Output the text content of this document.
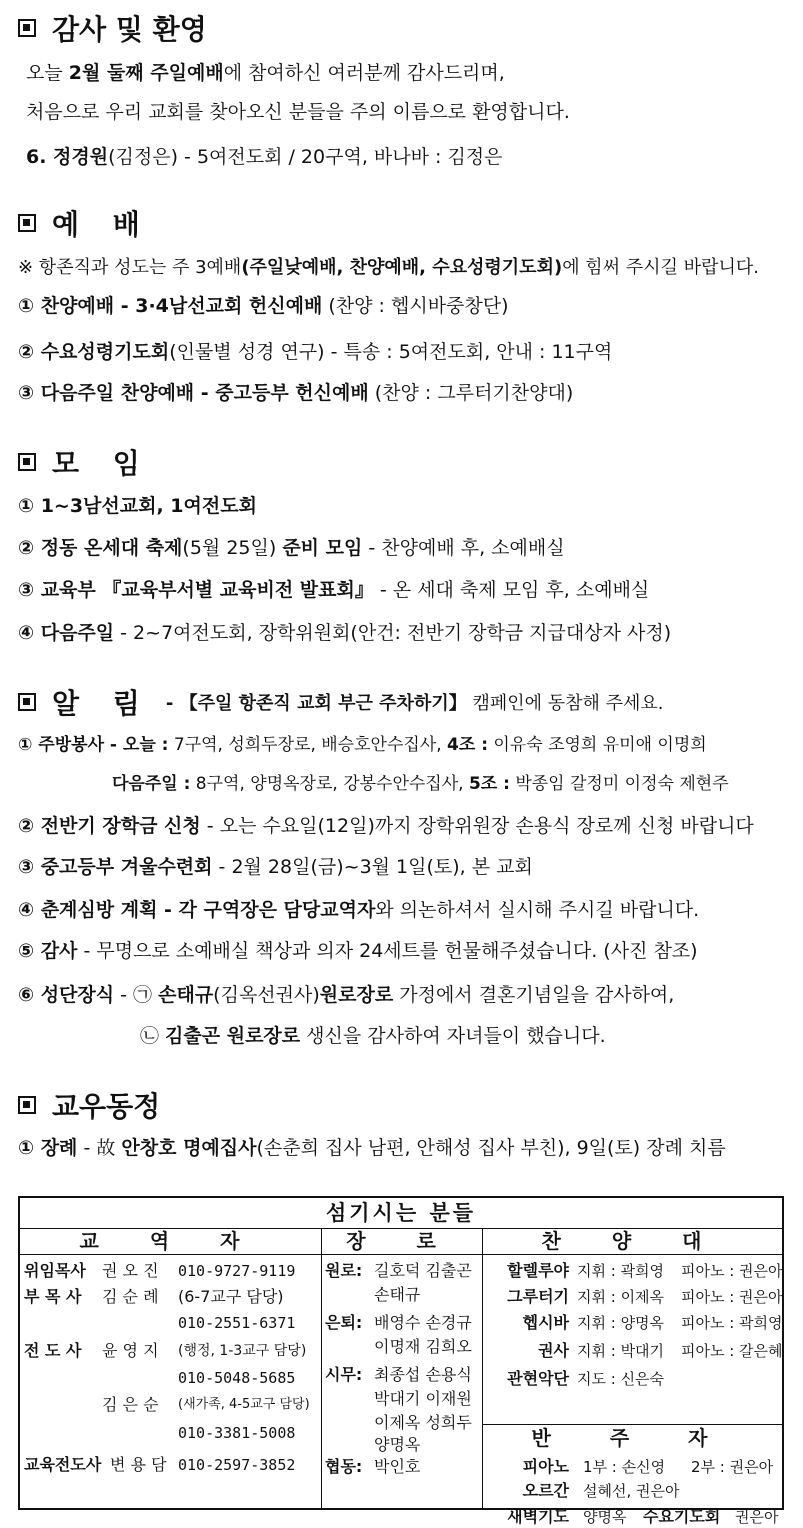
감사 및 환영
오늘 2월 둘째 주일예배에 참여하신 여러분께 감사드리며,
처음으로 우리 교회를 찾아오신 분들을 주의 이름으로 환영합니다.
6. 정경원(김정은) - 5여전도회 / 20구역, 바나바 : 김정은
예 배
※ 항존직과 성도는 주 3예배(주일낮예배, 찬양예배, 수요성령기도회)에 힘써 주시길 바랍니다.
① 찬양예배 - 3·4남선교회 헌신예배 (찬양 : 헵시바중창단)
② 수요성령기도회(인물별 성경 연구) - 특송 : 5여전도회, 안내 : 11구역
③ 다음주일 찬양예배 - 중고등부 헌신예배 (찬양 : 그루터기찬양대)
모 임
① 1~3남선교회, 1여전도회
② 정동 온세대 축제(5월 25일) 준비 모임 - 찬양예배 후, 소예배실
③ 교육부 『교육부서별 교육비전 발표회』 - 온 세대 축제 모임 후, 소예배실
④ 다음주일 - 2~7여전도회, 장학위원회(안건: 전반기 장학금 지급대상자 사정)
알 림 - 【주일 항존직 교회 부근 주차하기】 캠페인에 동참해 주세요.
① 주방봉사 - 오늘 : 7구역, 성희두장로, 배승호안수집사, 4조 : 이유숙 조영희 유미애 이명희
다음주일 : 8구역, 양명옥장로, 강봉수안수집사, 5조 : 박종임 갈정미 이정숙 제현주
② 전반기 장학금 신청 - 오는 수요일(12일)까지 장학위원장 손용식 장로께 신청 바랍니다
③ 중고등부 겨울수련회 - 2월 28일(금)~3월 1일(토), 본 교회
④ 춘계심방 계획 - 각 구역장은 담당교역자와 의논하셔서 실시해 주시길 바랍니다.
⑤ 감사 - 무명으로 소예배실 책상과 의자 24세트를 헌물해주셨습니다. (사진 참조)
⑥ 성단장식 - ㉠ 손태규(김옥선권사)원로장로 가정에서 결혼기념일을 감사하여,
㉡ 김출곤 원로장로 생신을 감사하여 자녀들이 했습니다.
교우동정
① 장례 - 故 안창호 명예집사(손춘희 집사 남편, 안해성 집사 부친), 9일(토) 장례 치름
섬기시는 분들
교 역 자
위임목사 권 오 진 010-9727-9119
부 목 사 김 순 례 (6-7교구 담당)
010-2551-6371
전 도 사 윤 영 지 (행정, 1-3교구 담당)
010-5048-5685
김 은 순 (새가족, 4-5교구 담당)
010-3381-5008
교육전도사 변 용 담 010-2597-3852
장 로
원로: 길호덕 김출곤
손태규
은퇴: 배영수 손경규
이명재 김희오
시무: 최종섭 손용식
박대기 이재원
이제옥 성희두
양명옥
협동: 박인호
찬 양 대
할렐루야 지휘 : 곽희영 피아노 : 권은아
그루터기 지휘 : 이제옥 피아노 : 권은아
헵시바 지휘 : 양명옥 피아노 : 곽희영
권사 지휘 : 박대기 피아노 : 갈은혜
관현악단 지도 : 신은숙
반 주 자
피아노 1부 : 손신영 2부 : 권은아
오르간 설혜선, 권은아
새벽기도 양명옥 수요기도회 권은아
